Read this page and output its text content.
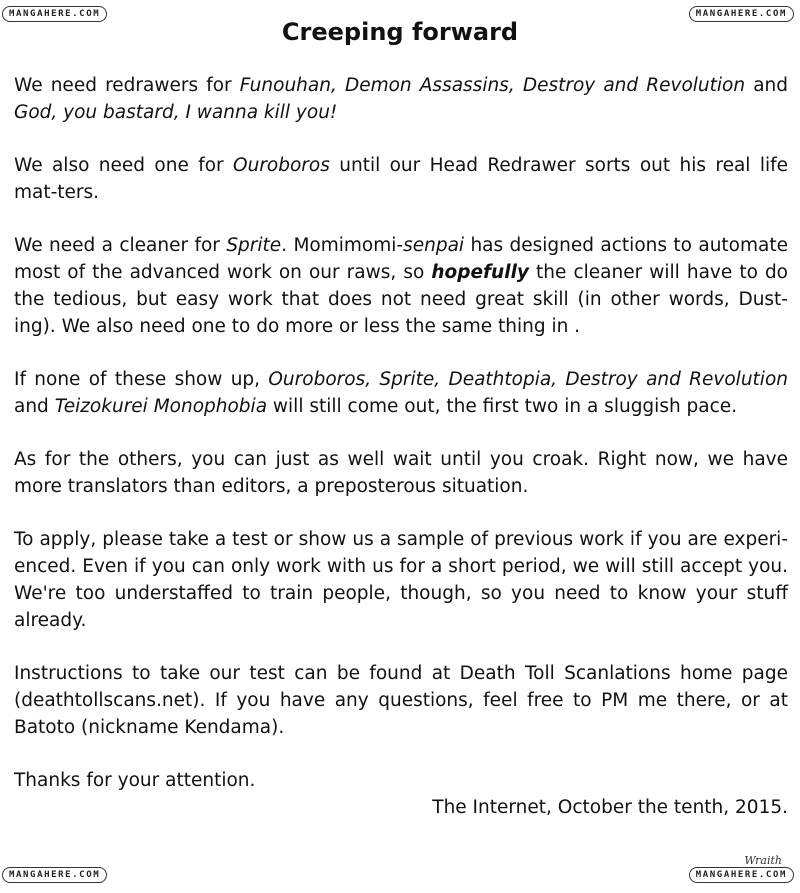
MANGAHERE.COM	MANGAHERE.COM
MANGAHERE.COM	MANGAHERE.COM
Wraith
Creeping forward

We need redrawers for Funouhan, Demon Assassins, Destroy and Revolution and God, you bastard, I wanna kill you!

We also need one for Ouroboros until our Head Redrawer sorts out his real life mat-ters.

We need a cleaner for Sprite. Momimomi-senpai has designed actions to automate most of the advanced work on our raws, so hopefully the cleaner will have to do the tedious, but easy work that does not need great skill (in other words, Dust-ing). We also need one to do more or less the same thing in .

If none of these show up, Ouroboros, Sprite, Deathtopia, Destroy and Revolution and Teizokurei Monophobia will still come out, the first two in a sluggish pace.

As for the others, you can just as well wait until you croak. Right now, we have more translators than editors, a preposterous situation.

To apply, please take a test or show us a sample of previous work if you are experi-enced. Even if you can only work with us for a short period, we will still accept you. We're too understaffed to train people, though, so you need to know your stuff already.

Instructions to take our test can be found at Death Toll Scanlations home page (deathtollscans.net). If you have any questions, feel free to PM me there, or at Batoto (nickname Kendama).

Thanks for your attention.

The Internet, October the tenth, 2015.
